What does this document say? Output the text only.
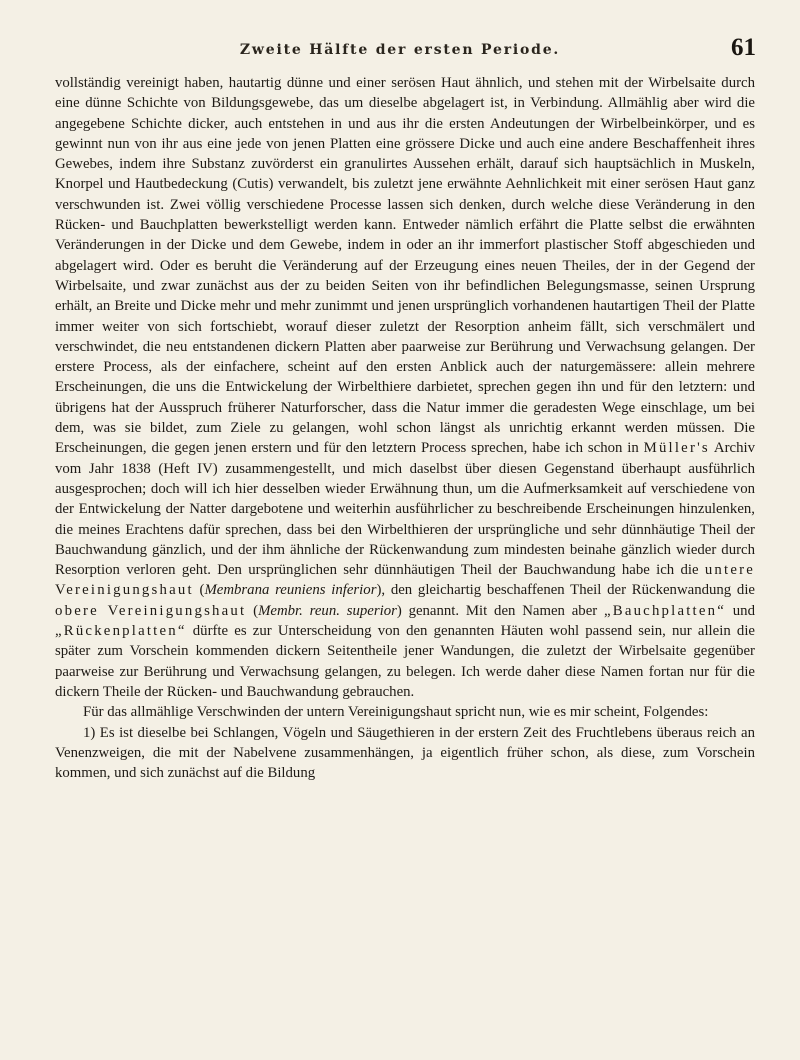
Zweite Hälfte der ersten Periode.	61

vollständig vereinigt haben, hautartig dünne und einer serösen Haut ähnlich, und stehen mit der Wirbelsaite durch eine dünne Schichte von Bildungsgewebe, das um dieselbe abgelagert ist, in Verbindung. Allmählig aber wird die angegebene Schichte dicker, auch entstehen in und aus ihr die ersten Andeutungen der Wirbelbeinkörper, und es gewinnt nun von ihr aus eine jede von jenen Platten eine grössere Dicke und auch eine andere Beschaffenheit ihres Gewebes, indem ihre Substanz zuvörderst ein granulirtes Aussehen erhält, darauf sich hauptsächlich in Muskeln, Knorpel und Hautbedeckung (Cutis) verwandelt, bis zuletzt jene erwähnte Aehnlichkeit mit einer serösen Haut ganz verschwunden ist. Zwei völlig verschiedene Processe lassen sich denken, durch welche diese Veränderung in den Rücken- und Bauchplatten bewerkstelligt werden kann. Entweder nämlich erfährt die Platte selbst die erwähnten Veränderungen in der Dicke und dem Gewebe, indem in oder an ihr immerfort plastischer Stoff abgeschieden und abgelagert wird. Oder es beruht die Veränderung auf der Erzeugung eines neuen Theiles, der in der Gegend der Wirbelsaite, und zwar zunächst aus der zu beiden Seiten von ihr befindlichen Belegungsmasse, seinen Ursprung erhält, an Breite und Dicke mehr und mehr zunimmt und jenen ursprünglich vorhandenen hautartigen Theil der Platte immer weiter von sich fortschiebt, worauf dieser zuletzt der Resorption anheim fällt, sich verschmälert und verschwindet, die neu entstandenen dickern Platten aber paarweise zur Berührung und Verwachsung gelangen. Der erstere Process, als der einfachere, scheint auf den ersten Anblick auch der naturgemässere: allein mehrere Erscheinungen, die uns die Entwickelung der Wirbelthiere darbietet, sprechen gegen ihn und für den letztern: und übrigens hat der Ausspruch früherer Naturforscher, dass die Natur immer die geradesten Wege einschlage, um bei dem, was sie bildet, zum Ziele zu gelangen, wohl schon längst als unrichtig erkannt werden müssen. Die Erscheinungen, die gegen jenen erstern und für den letztern Process sprechen, habe ich schon in Müller's Archiv vom Jahr 1838 (Heft IV) zusammengestellt, und mich daselbst über diesen Gegenstand überhaupt ausführlich ausgesprochen; doch will ich hier desselben wieder Erwähnung thun, um die Aufmerksamkeit auf verschiedene von der Entwickelung der Natter dargebotene und weiterhin ausführlicher zu beschreibende Erscheinungen hinzulenken, die meines Erachtens dafür sprechen, dass bei den Wirbelthieren der ursprüngliche und sehr dünnhäutige Theil der Bauchwandung gänzlich, und der ihm ähnliche der Rückenwandung zum mindesten beinahe gänzlich wieder durch Resorption verloren geht. Den ursprünglichen sehr dünnhäutigen Theil der Bauchwandung habe ich die untere Vereinigungshaut (Membrana reuniens inferior), den gleichartig beschaffenen Theil der Rückenwandung die obere Vereinigungshaut (Membr. reun. superior) genannt. Mit den Namen aber „Bauchplatten“ und „Rückenplatten“ dürfte es zur Unterscheidung von den genannten Häuten wohl passend sein, nur allein die später zum Vorschein kommenden dickern Seitentheile jener Wandungen, die zuletzt der Wirbelsaite gegenüber paarweise zur Berührung und Verwachsung gelangen, zu belegen. Ich werde daher diese Namen fortan nur für die dickern Theile der Rücken- und Bauchwandung gebrauchen.

Für das allmählige Verschwinden der untern Vereinigungshaut spricht nun, wie es mir scheint, Folgendes:

1) Es ist dieselbe bei Schlangen, Vögeln und Säugethieren in der erstern Zeit des Fruchtlebens überaus reich an Venenzweigen, die mit der Nabelvene zusammenhängen, ja eigentlich früher schon, als diese, zum Vorschein kommen, und sich zunächst auf die Bildung
